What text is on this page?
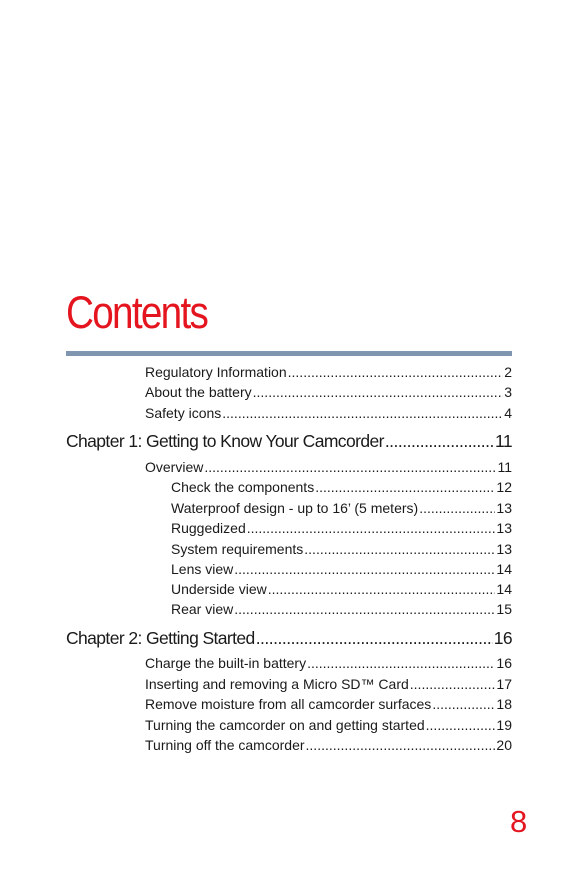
Contents
Regulatory Information .....	2
About the battery .....	3
Safety icons .....	4
Chapter 1: Getting to Know Your Camcorder .....	11
Overview .....	11
Check the components .....	12
Waterproof design - up to 16’ (5 meters) .....	13
Ruggedized .....	13
System requirements .....	13
Lens view .....	14
Underside view .....	14
Rear view .....	15
Chapter 2: Getting Started .....	16
Charge the built-in battery .....	16
Inserting and removing a Micro SD™ Card .....	17
Remove moisture from all camcorder surfaces .....	18
Turning the camcorder on and getting started .....	19
Turning off the camcorder .....	20
8
